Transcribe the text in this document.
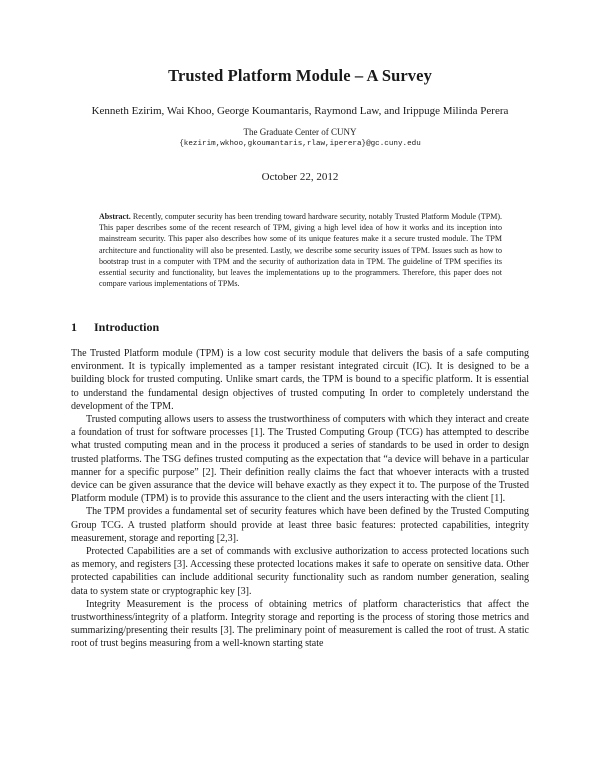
Trusted Platform Module – A Survey
Kenneth Ezirim, Wai Khoo, George Koumantaris, Raymond Law, and Irippuge Milinda Perera
The Graduate Center of CUNY
{kezirim,wkhoo,gkoumantaris,rlaw,iperera}@gc.cuny.edu
October 22, 2012
Abstract. Recently, computer security has been trending toward hardware security, notably Trusted Platform Module (TPM). This paper describes some of the recent research of TPM, giving a high level idea of how it works and its inception into mainstream security. This paper also describes how some of its unique features make it a secure trusted module. The TPM architecture and functionality will also be presented. Lastly, we describe some security issues of TPM. Issues such as how to bootstrap trust in a computer with TPM and the security of authorization data in TPM. The guideline of TPM specifies its essential security and functionality, but leaves the implementations up to the programmers. Therefore, this paper does not compare various implementations of TPMs.
1 Introduction

The Trusted Platform module (TPM) is a low cost security module that delivers the basis of a safe computing environment. It is typically implemented as a tamper resistant integrated circuit (IC). It is designed to be a building block for trusted computing. Unlike smart cards, the TPM is bound to a specific platform. It is essential to understand the fundamental design objectives of trusted computing In order to completely understand the development of the TPM.

Trusted computing allows users to assess the trustworthiness of computers with which they interact and create a foundation of trust for software processes [1]. The Trusted Computing Group (TCG) has attempted to describe what trusted computing mean and in the process it produced a series of standards to be used in order to design trusted platforms. The TSG defines trusted computing as the expectation that “a device will behave in a particular manner for a specific purpose” [2]. Their definition really claims the fact that whoever interacts with a trusted device can be given assurance that the device will behave exactly as they expect it to. The purpose of the Trusted Platform module (TPM) is to provide this assurance to the client and the users interacting with the client [1].

The TPM provides a fundamental set of security features which have been defined by the Trusted Computing Group TCG. A trusted platform should provide at least three basic features: protected capabilities, integrity measurement, storage and reporting [2,3].

Protected Capabilities are a set of commands with exclusive authorization to access protected locations such as memory, and registers [3]. Accessing these protected locations makes it safe to operate on sensitive data. Other protected capabilities can include additional security functionality such as random number generation, sealing data to system state or cryptographic key [3].

Integrity Measurement is the process of obtaining metrics of platform characteristics that affect the trustworthiness/integrity of a platform. Integrity storage and reporting is the process of storing those metrics and summarizing/presenting their results [3]. The preliminary point of measurement is called the root of trust. A static root of trust begins measuring from a well-known starting state
